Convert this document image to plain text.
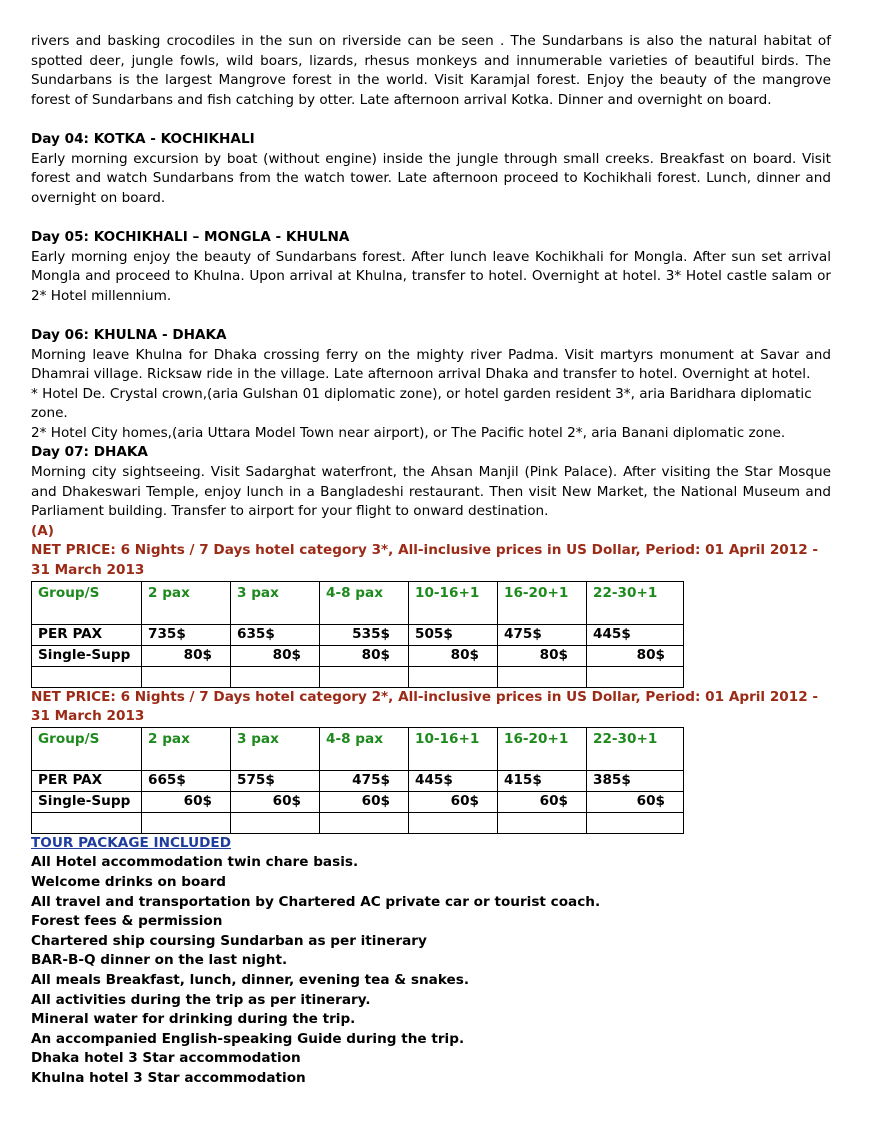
rivers and basking crocodiles in the sun on riverside can be seen . The Sundarbans is also the natural habitat of spotted deer, jungle fowls, wild boars, lizards, rhesus monkeys and innumerable varieties of beautiful birds. The Sundarbans is the largest Mangrove forest in the world. Visit Karamjal forest. Enjoy the beauty of the mangrove forest of Sundarbans and fish catching by otter. Late afternoon arrival Kotka. Dinner and overnight on board.

Day 04: KOTKA - KOCHIKHALI

Early morning excursion by boat (without engine) inside the jungle through small creeks. Breakfast on board. Visit forest and watch Sundarbans from the watch tower. Late afternoon proceed to Kochikhali forest. Lunch, dinner and overnight on board.

Day 05: KOCHIKHALI – MONGLA - KHULNA

Early morning enjoy the beauty of Sundarbans forest. After lunch leave Kochikhali for Mongla. After sun set arrival Mongla and proceed to Khulna. Upon arrival at Khulna, transfer to hotel. Overnight at hotel. 3* Hotel castle salam or 2* Hotel millennium.

Day 06: KHULNA - DHAKA

Morning leave Khulna for Dhaka crossing ferry on the mighty river Padma. Visit martyrs monument at Savar and Dhamrai village. Ricksaw ride in the village. Late afternoon arrival Dhaka and transfer to hotel. Overnight at hotel.

* Hotel De. Crystal crown,(aria Gulshan 01 diplomatic zone), or hotel garden resident 3*, aria Baridhara diplomatic zone.

2* Hotel City homes,(aria Uttara Model Town near airport), or The Pacific hotel 2*, aria Banani diplomatic zone.

Day 07: DHAKA

Morning city sightseeing. Visit Sadarghat waterfront, the Ahsan Manjil (Pink Palace). After visiting the Star Mosque and Dhakeswari Temple, enjoy lunch in a Bangladeshi restaurant. Then visit New Market, the National Museum and Parliament building. Transfer to airport for your flight to onward destination.

(A)

NET PRICE: 6 Nights / 7 Days hotel category 3*, All-inclusive prices in US Dollar, Period: 01 April 2012 - 31 March 2013

Group/S	2 pax	3 pax	4-8 pax	10-16+1	16-20+1	22-30+1
PER PAX	735$	635$	535$	505$	475$	445$
Single-Supp	80$	80$	80$	80$	80$	80$

NET PRICE: 6 Nights / 7 Days hotel category 2*, All-inclusive prices in US Dollar, Period: 01 April 2012 - 31 March 2013

Group/S	2 pax	3 pax	4-8 pax	10-16+1	16-20+1	22-30+1
PER PAX	665$	575$	475$	445$	415$	385$
Single-Supp	60$	60$	60$	60$	60$	60$

TOUR PACKAGE INCLUDED

All Hotel accommodation twin chare basis.

Welcome drinks on board

All travel and transportation by Chartered AC private car or tourist coach.

Forest fees & permission

Chartered ship coursing Sundarban as per itinerary

BAR-B-Q dinner on the last night.

All meals Breakfast, lunch, dinner, evening tea & snakes.

All activities during the trip as per itinerary.

Mineral water for drinking during the trip.

An accompanied English-speaking Guide during the trip.

Dhaka hotel 3 Star accommodation

Khulna hotel 3 Star accommodation
